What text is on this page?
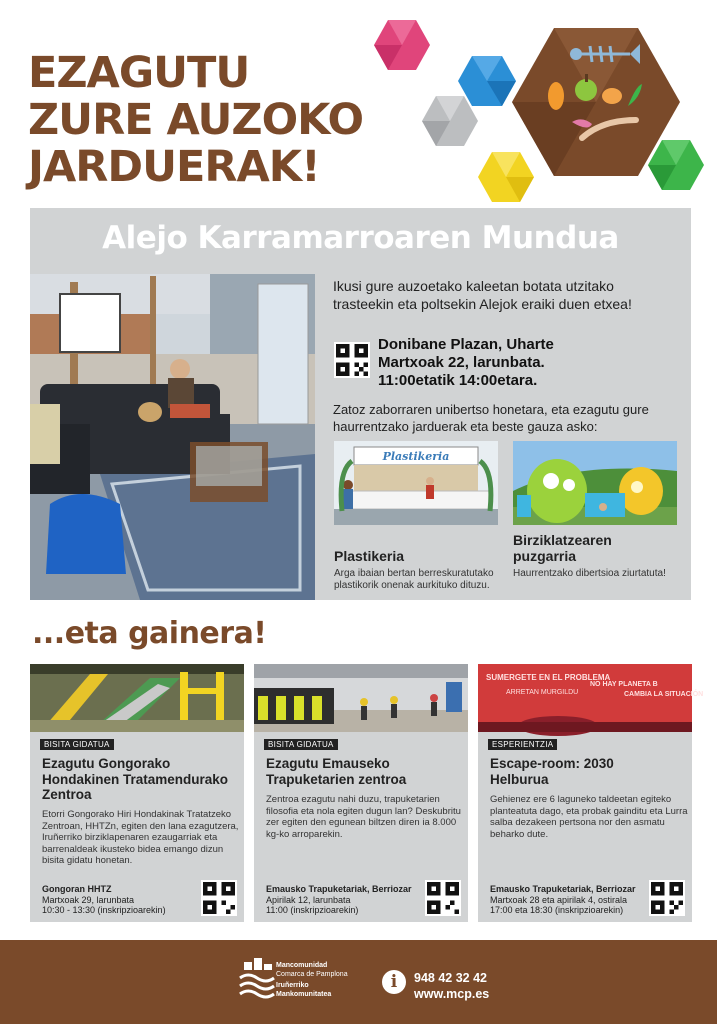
EZAGUTU
ZURE AUZOKO
JARDUERAK!
Alejo Karramarroaren Mundua
Ikusi gure auzoetako kaleetan botata utzitako trasteekin eta poltsekin Alejok eraiki duen etxea!
Donibane Plazan, Uharte
Martxoak 22, larunbata.
11:00etatik 14:00etara.
Zatoz zaborraren unibertso honetara, eta ezagutu gure haurrentzako jarduerak eta beste gauza asko:
Plastikeria
Plastikeria
Arga ibaian bertan berreskuratutako plastikorik onenak aurkituko dituzu.
Birziklatzearen puzgarria
Haurrentzako dibertsioa ziurtatuta!
...eta gainera!
BISITA GIDATUA
Ezagutu Gongorako Hondakinen Tratamendurako Zentroa
Etorri Gongorako Hiri Hondakinak Tratatzeko Zentroan, HHTZn, egiten den lana ezagutzera, Iruñerriko birziklapenaren ezaugarriak eta barrenaldeak ikusteko bidea emango dizun bisita gidatu honetan.
Gongoran HHTZ
Martxoak 29, larunbata
10:30 - 13:30 (inskripzioarekin)
BISITA GIDATUA
Ezagutu Emauseko Trapuketarien zentroa
Zentroa ezagutu nahi duzu, trapuketarien filosofia eta nola egiten dugun lan? Deskubritu zer egiten den egunean biltzen diren ia 8.000 kg-ko arroparekin.
Emausko Trapuketariak, Berriozar
Apirilak 12, larunbata
11:00 (inskripzioarekin)
SUMERGETE EN EL PROBLEMA
ARRETAN MURGILDU
NO HAY PLANETA B
CAMBIA LA SITUACIÓN
ESPERIENTZIA
Escape-room: 2030 Helburua
Gehienez ere 6 laguneko taldeetan egiteko planteatuta dago, eta probak gainditu eta Lurra salba dezakeen pertsona nor den asmatu beharko dute.
Emausko Trapuketariak, Berriozar
Martxoak 28 eta apirilak 4, ostirala
17:00 eta 18:30 (inskripzioarekin)
Mancomunidad
Comarca de Pamplona
Iruñerriko
Mankomunitatea
i	948 42 32 42
www.mcp.es
